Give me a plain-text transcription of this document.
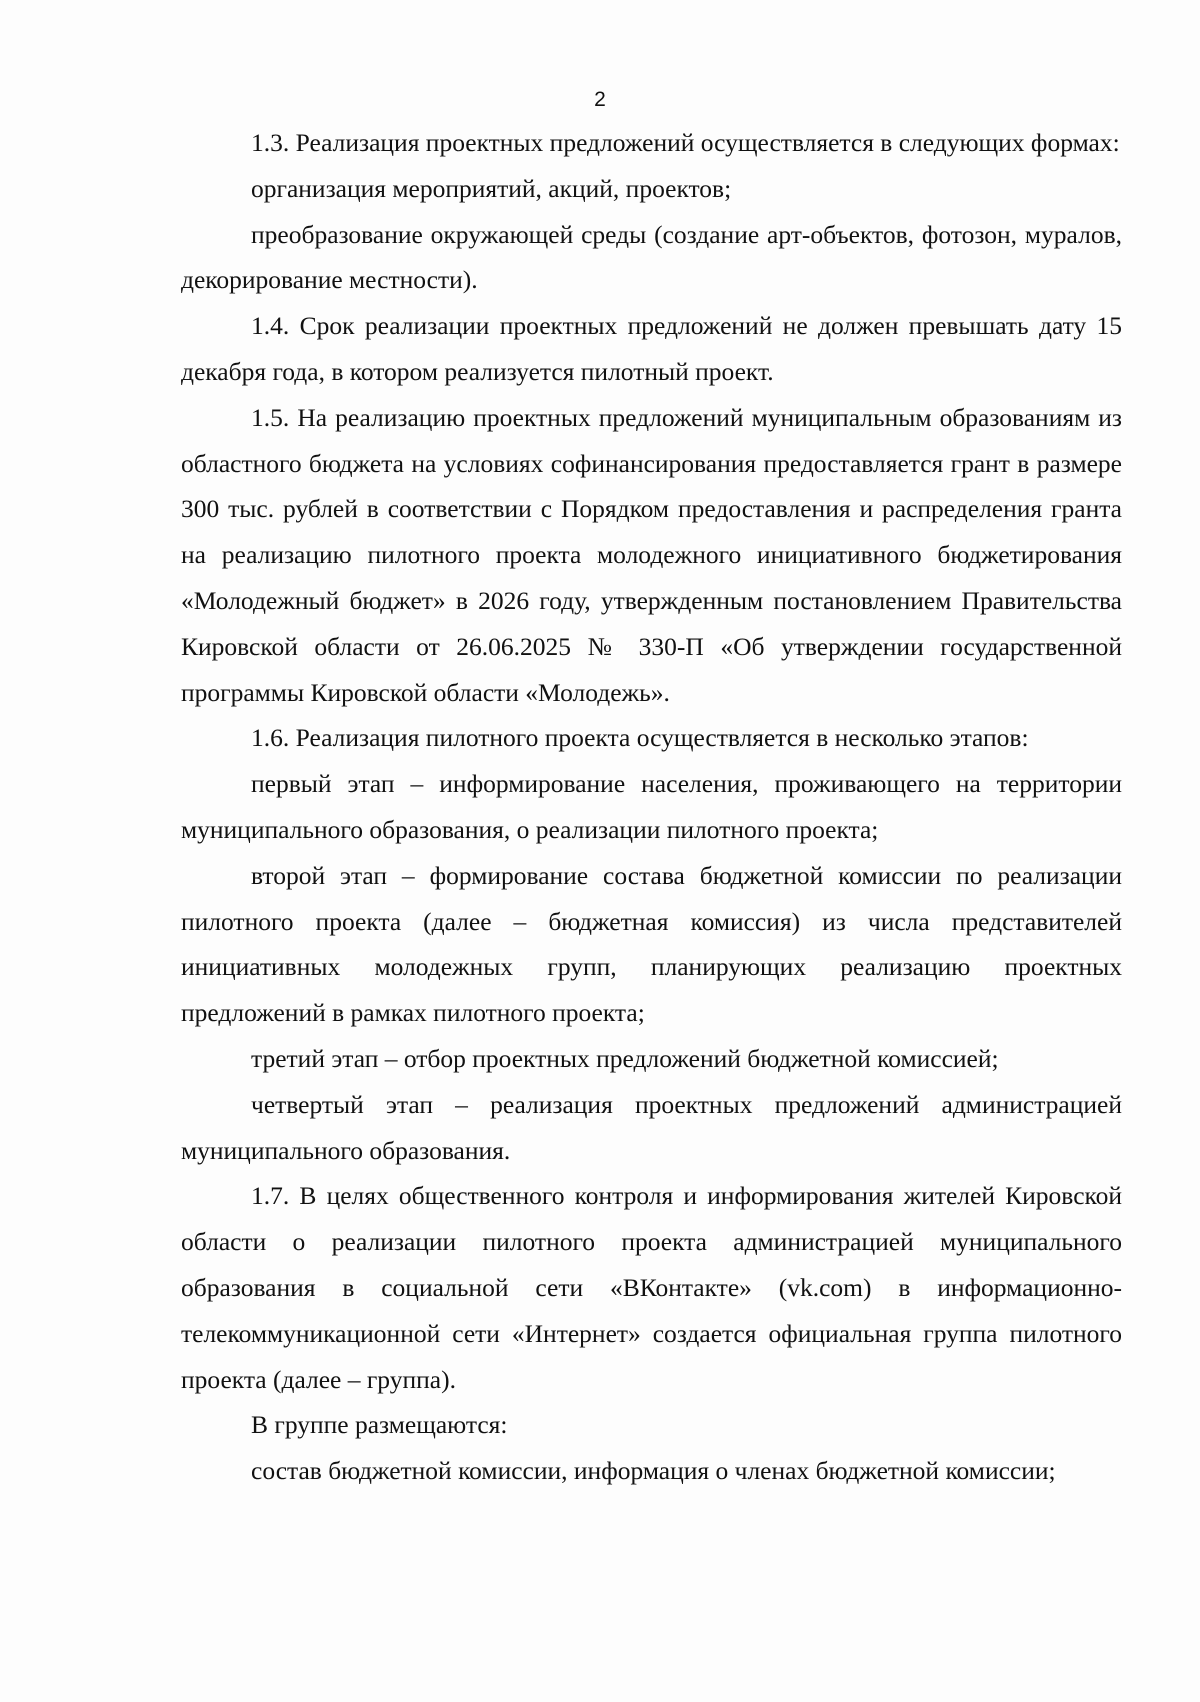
2

1.3. Реализация проектных предложений осуществляется в следующих формах:

организация мероприятий, акций, проектов;

преобразование окружающей среды (создание арт-объектов, фотозон, муралов, декорирование местности).

1.4. Срок реализации проектных предложений не должен превышать дату 15 декабря года, в котором реализуется пилотный проект.

1.5. На реализацию проектных предложений муниципальным образованиям из областного бюджета на условиях софинансирования предоставляется грант в размере 300 тыс. рублей в соответствии с Порядком предоставления и распределения гранта на реализацию пилотного проекта молодежного инициативного бюджетирования «Молодежный бюджет» в 2026 году, утвержденным постановлением Правительства Кировской области от 26.06.2025 № 330-П «Об утверждении государственной программы Кировской области «Молодежь».

1.6. Реализация пилотного проекта осуществляется в несколько этапов:

первый этап – информирование населения, проживающего на территории муниципального образования, о реализации пилотного проекта;

второй этап – формирование состава бюджетной комиссии по реализации пилотного проекта (далее – бюджетная комиссия) из числа представителей инициативных молодежных групп, планирующих реализацию проектных предложений в рамках пилотного проекта;

третий этап – отбор проектных предложений бюджетной комиссией;

четвертый этап – реализация проектных предложений администрацией муниципального образования.

1.7. В целях общественного контроля и информирования жителей Кировской области о реализации пилотного проекта администрацией муниципального образования в социальной сети «ВКонтакте» (vk.com) в информационно-телекоммуникационной сети «Интернет» создается официальная группа пилотного проекта (далее – группа).

В группе размещаются:

состав бюджетной комиссии, информация о членах бюджетной комиссии;
